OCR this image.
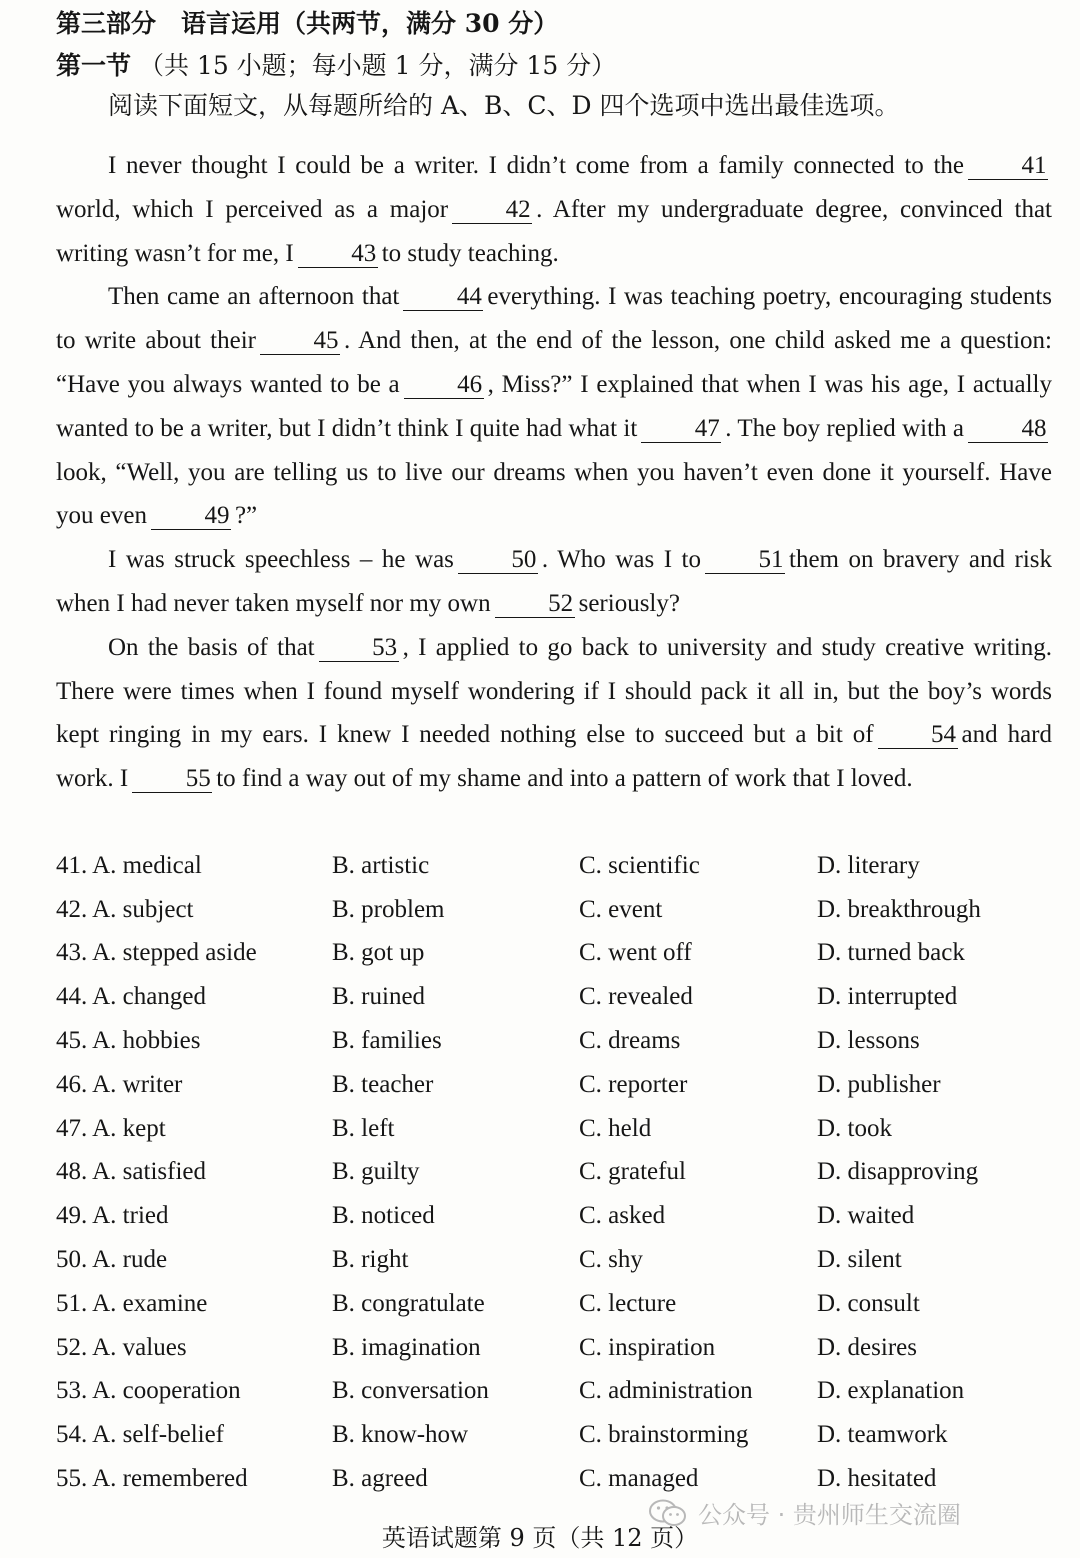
第三部分　语言运用（共两节，满分 30 分）
第一节 （共 15 小题；每小题 1 分，满分 15 分）
阅读下面短文，从每题所给的 A、B、C、D 四个选项中选出最佳选项。

I never thought I could be a writer. I didn’t come from a family connected to the 41world, which I perceived as a major 42 . After my undergraduate degree, convinced that writing wasn’t for me, I 43 to study teaching.

Then came an afternoon that 44 everything. I was teaching poetry, encouraging students to write about their 45 . And then, at the end of the lesson, one child asked me a question: “Have you always wanted to be a 46 , Miss?” I explained that when I was his age, I actually wanted to be a writer, but I didn’t think I quite had what it 47 . The boy replied with a 48look, “Well, you are telling us to live our dreams when you haven’t even done it yourself. Have you even 49 ?”

I was struck speechless – he was 50 . Who was I to 51 them on bravery and risk when I had never taken myself nor my own 52 seriously?

On the basis of that 53 , I applied to go back to university and study creative writing. There were times when I found myself wondering if I should pack it all in, but the boy’s words kept ringing in my ears. I knew I needed nothing else to succeed but a bit of 54 and hard work. I 55 to find a way out of my shame and into a pattern of work that I loved.

41. A. medical	B. artistic	C. scientific	D. literary
42. A. subject	B. problem	C. event	D. breakthrough
43. A. stepped aside	B. got up	C. went off	D. turned back
44. A. changed	B. ruined	C. revealed	D. interrupted
45. A. hobbies	B. families	C. dreams	D. lessons
46. A. writer	B. teacher	C. reporter	D. publisher
47. A. kept	B. left	C. held	D. took
48. A. satisfied	B. guilty	C. grateful	D. disapproving
49. A. tried	B. noticed	C. asked	D. waited
50. A. rude	B. right	C. shy	D. silent
51. A. examine	B. congratulate	C. lecture	D. consult
52. A. values	B. imagination	C. inspiration	D. desires
53. A. cooperation	B. conversation	C. administration	D. explanation
54. A. self-belief	B. know-how	C. brainstorming	D. teamwork
55. A. remembered	B. agreed	C. managed	D. hesitated
公众号 · 贵州师生交流圈
英语试题第 9 页（共 12 页）
